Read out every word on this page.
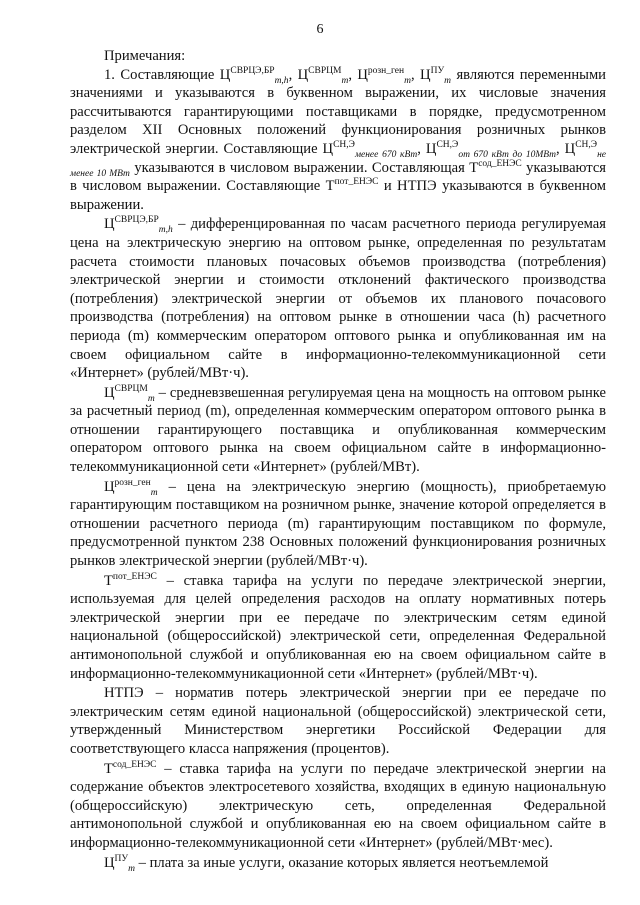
6
Примечания:

1. Составляющие $Ц^{СВРЦЭ,БР}_{m,h}$, $Ц^{СВРЦМ}_m$, $Ц^{розн\_ген}_m$, $Ц^{ПУ}_m$ являются переменными значениями и указываются в буквенном выражении, их числовые значения рассчитываются гарантирующими поставщиками в порядке, предусмотренном разделом XII Основных положений функционирования розничных рынков электрической энергии. Составляющие $Ц^{СН,Э}_{менее 670 кВт}$, $Ц^{СН,Э}_{от 670 кВт до 10МВт}$, $Ц^{СН,Э}_{не менее 10 МВт}$ указываются в числовом выражении. Составляющая $Т^{сод\_ЕНЭС}$ указываются в числовом выражении. Составляющие $Т^{пот\_ЕНЭС}$ и НТПЭ указываются в буквенном выражении.

$Ц^{СВРЦЭ,БР}_{m,h}$ – дифференцированная по часам расчетного периода регулируемая цена на электрическую энергию на оптовом рынке, определенная по результатам расчета стоимости плановых почасовых объемов производства (потребления) электрической энергии и стоимости отклонений фактического производства (потребления) электрической энергии от объемов их планового почасового производства (потребления) на оптовом рынке в отношении часа (h) расчетного периода (m) коммерческим оператором оптового рынка и опубликованная им на своем официальном сайте в информационно-телекоммуникационной сети «Интернет» (рублей/МВт·ч).

$Ц^{СВРЦМ}_m$ – средневзвешенная регулируемая цена на мощность на оптовом рынке за расчетный период (m), определенная коммерческим оператором оптового рынка в отношении гарантирующего поставщика и опубликованная коммерческим оператором оптового рынка на своем официальном сайте в информационно-телекоммуникационной сети «Интернет» (рублей/МВт).

$Ц^{розн\_ген}_m$ – цена на электрическую энергию (мощность), приобретаемую гарантирующим поставщиком на розничном рынке, значение которой определяется в отношении расчетного периода (m) гарантирующим поставщиком по формуле, предусмотренной пунктом 238 Основных положений функционирования розничных рынков электрической энергии (рублей/МВт·ч).

$Т^{пот\_ЕНЭС}$ – ставка тарифа на услуги по передаче электрической энергии, используемая для целей определения расходов на оплату нормативных потерь электрической энергии при ее передаче по электрическим сетям единой национальной (общероссийской) электрической сети, определенная Федеральной антимонопольной службой и опубликованная ею на своем официальном сайте в информационно-телекоммуникационной сети «Интернет» (рублей/МВт·ч).

НТПЭ – норматив потерь электрической энергии при ее передаче по электрическим сетям единой национальной (общероссийской) электрической сети, утвержденный Министерством энергетики Российской Федерации для соответствующего класса напряжения (процентов).

$Т^{сод\_ЕНЭС}$ – ставка тарифа на услуги по передаче электрической энергии на содержание объектов электросетевого хозяйства, входящих в единую национальную (общероссийскую) электрическую сеть, определенная Федеральной антимонопольной службой и опубликованная ею на своем официальном сайте в информационно-телекоммуникационной сети «Интернет» (рублей/МВт·мес).

$Ц^{ПУ}_m$ – плата за иные услуги, оказание которых является неотъемлемой
